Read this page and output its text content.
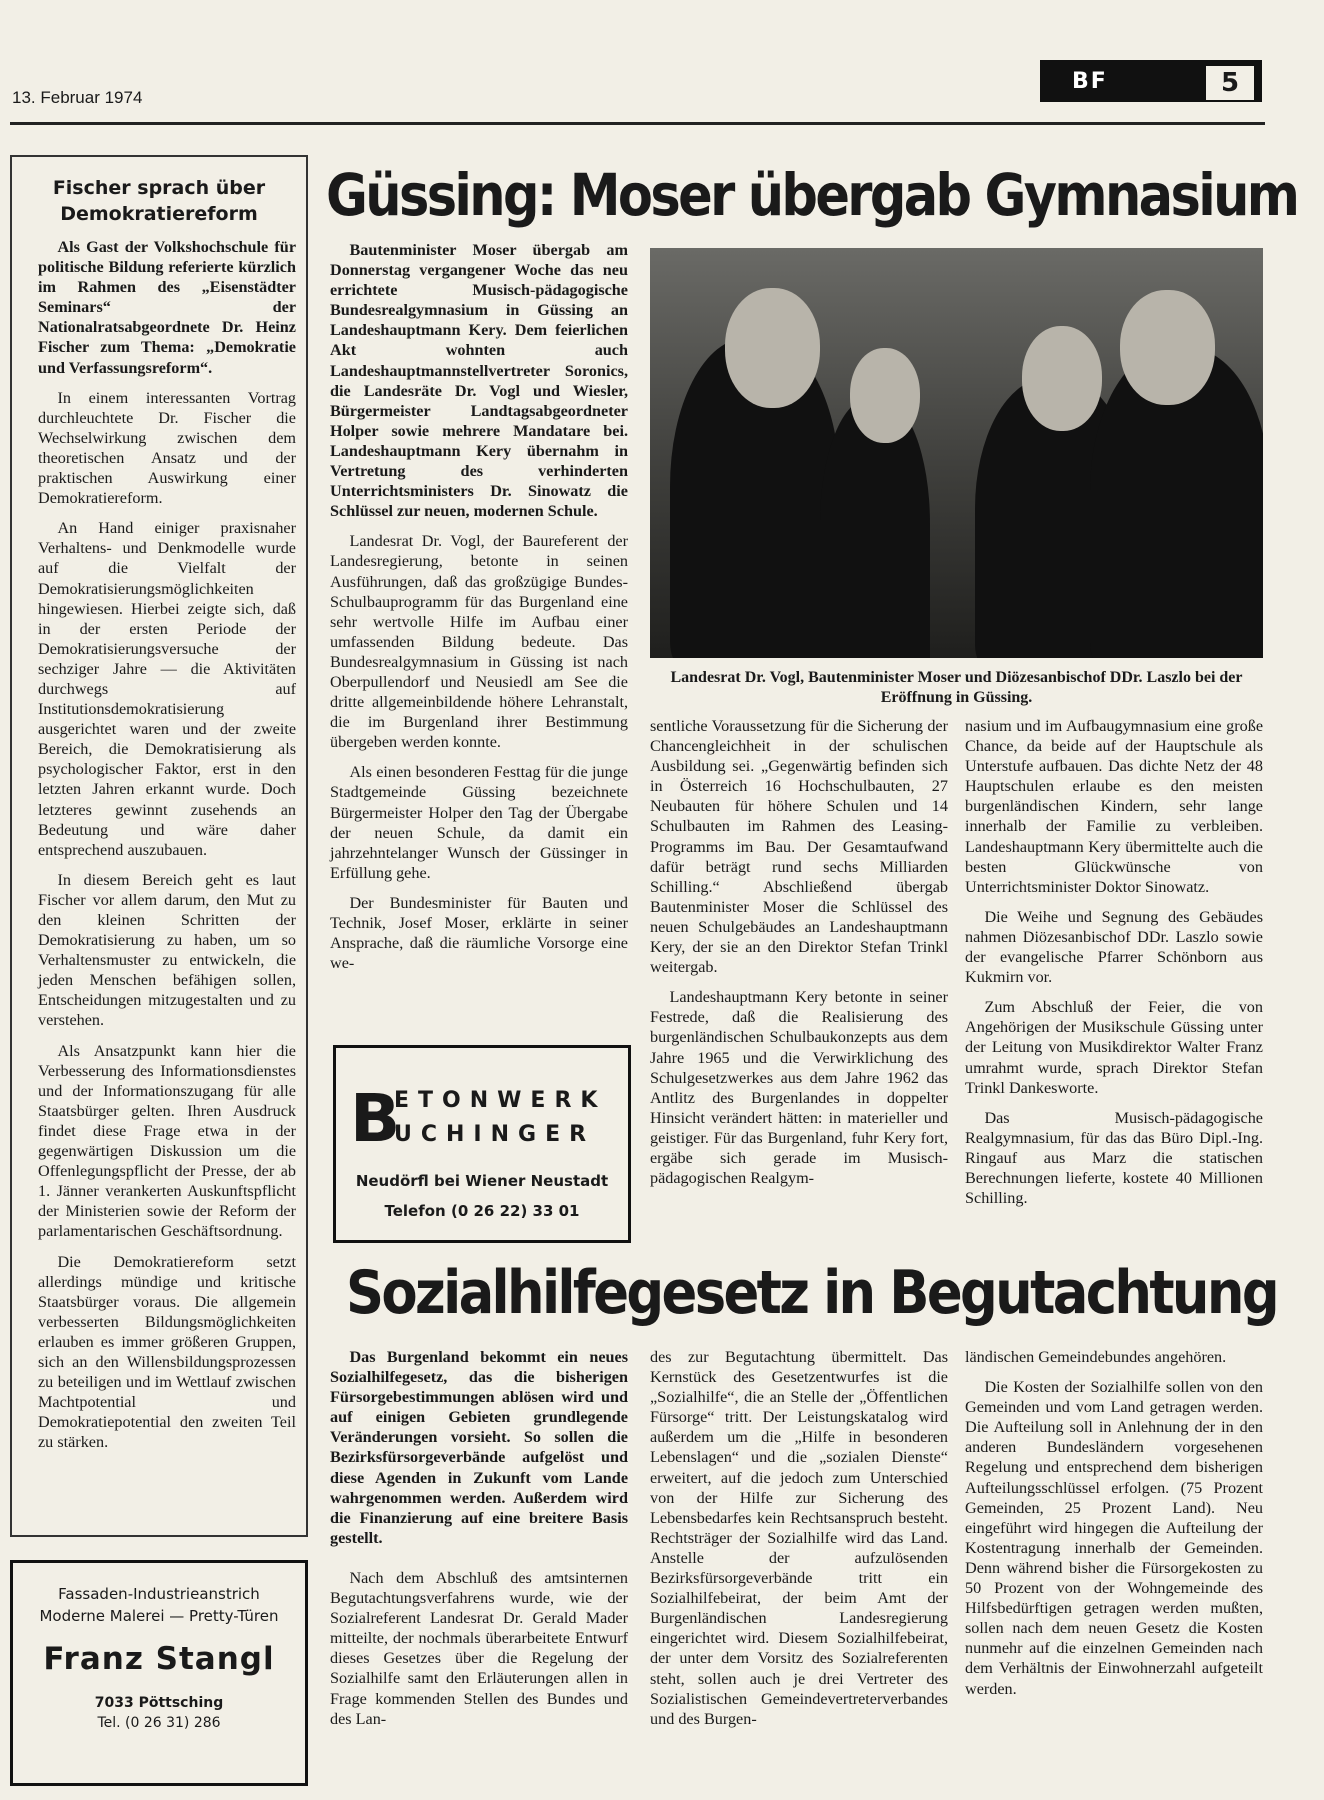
13. Februar 1974
BF	5
Fischer sprach über Demokratiereform

Als Gast der Volkshochschule für politische Bildung referierte kürzlich im Rahmen des „Eisenstädter Seminars“ der Nationalratsabgeordnete Dr. Heinz Fischer zum Thema: „Demokratie und Verfassungsreform“.

In einem interessanten Vortrag durchleuchtete Dr. Fischer die Wechselwirkung zwischen dem theoretischen Ansatz und der praktischen Auswirkung einer Demokratiereform.

An Hand einiger praxisnaher Verhaltens- und Denkmodelle wurde auf die Vielfalt der Demokratisierungsmöglichkeiten hingewiesen. Hierbei zeigte sich, daß in der ersten Periode der Demokratisierungsversuche der sechziger Jahre — die Aktivitäten durchwegs auf Institutionsdemokratisierung ausgerichtet waren und der zweite Bereich, die Demokratisierung als psychologischer Faktor, erst in den letzten Jahren erkannt wurde. Doch letzteres gewinnt zusehends an Bedeutung und wäre daher entsprechend auszubauen.

In diesem Bereich geht es laut Fischer vor allem darum, den Mut zu den kleinen Schritten der Demokratisierung zu haben, um so Verhaltensmuster zu entwickeln, die jeden Menschen befähigen sollen, Entscheidungen mitzugestalten und zu verstehen.

Als Ansatzpunkt kann hier die Verbesserung des Informationsdienstes und der Informationszugang für alle Staatsbürger gelten. Ihren Ausdruck findet diese Frage etwa in der gegenwärtigen Diskussion um die Offenlegungspflicht der Presse, der ab 1. Jänner verankerten Auskunftspflicht der Ministerien sowie der Reform der parlamentarischen Geschäftsordnung.

Die Demokratiereform setzt allerdings mündige und kritische Staatsbürger voraus. Die allgemein verbesserten Bildungsmöglichkeiten erlauben es immer größeren Gruppen, sich an den Willensbildungsprozessen zu beteiligen und im Wettlauf zwischen Machtpotential und Demokratiepotential den zweiten Teil zu stärken.

Güssing: Moser übergab Gymnasium

Bautenminister Moser übergab am Donnerstag vergangener Woche das neu errichtete Musisch-pädagogische Bundesrealgymnasium in Güssing an Landeshauptmann Kery. Dem feierlichen Akt wohnten auch Landeshauptmannstellvertreter Soronics, die Landesräte Dr. Vogl und Wiesler, Bürgermeister Landtagsabgeordneter Holper sowie mehrere Mandatare bei. Landeshauptmann Kery übernahm in Vertretung des verhinderten Unterrichtsministers Dr. Sinowatz die Schlüssel zur neuen, modernen Schule.

Landesrat Dr. Vogl, der Baureferent der Landesregierung, betonte in seinen Ausführungen, daß das großzügige Bundes-Schulbauprogramm für das Burgenland eine sehr wertvolle Hilfe im Aufbau einer umfassenden Bildung bedeute. Das Bundesrealgymnasium in Güssing ist nach Oberpullendorf und Neusiedl am See die dritte allgemeinbildende höhere Lehranstalt, die im Burgenland ihrer Bestimmung übergeben werden konnte.

Als einen besonderen Festtag für die junge Stadtgemeinde Güssing bezeichnete Bürgermeister Holper den Tag der Übergabe der neuen Schule, da damit ein jahrzehntelanger Wunsch der Güssinger in Erfüllung gehe.

Der Bundesminister für Bauten und Technik, Josef Moser, erklärte in seiner Ansprache, daß die räumliche Vorsorge eine we-

Landesrat Dr. Vogl, Bautenminister Moser und Diözesanbischof DDr. Laszlo bei der Eröffnung in Güssing.

sentliche Voraussetzung für die Sicherung der Chancengleichheit in der schulischen Ausbildung sei. „Gegenwärtig befinden sich in Österreich 16 Hochschulbauten, 27 Neubauten für höhere Schulen und 14 Schulbauten im Rahmen des Leasing-Programms im Bau. Der Gesamtaufwand dafür beträgt rund sechs Milliarden Schilling.“ Abschließend übergab Bautenminister Moser die Schlüssel des neuen Schulgebäudes an Landeshauptmann Kery, der sie an den Direktor Stefan Trinkl weitergab.

Landeshauptmann Kery betonte in seiner Festrede, daß die Realisierung des burgenländischen Schulbaukonzepts aus dem Jahre 1965 und die Verwirklichung des Schulgesetzwerkes aus dem Jahre 1962 das Antlitz des Burgenlandes in doppelter Hinsicht verändert hätten: in materieller und geistiger. Für das Burgenland, fuhr Kery fort, ergäbe sich gerade im Musisch-pädagogischen Realgym-

nasium und im Aufbaugymnasium eine große Chance, da beide auf der Hauptschule als Unterstufe aufbauen. Das dichte Netz der 48 Hauptschulen erlaube es den meisten burgenländischen Kindern, sehr lange innerhalb der Familie zu verbleiben. Landeshauptmann Kery übermittelte auch die besten Glückwünsche von Unterrichtsminister Doktor Sinowatz.

Die Weihe und Segnung des Gebäudes nahmen Diözesanbischof DDr. Laszlo sowie der evangelische Pfarrer Schönborn aus Kukmirn vor.

Zum Abschluß der Feier, die von Angehörigen der Musikschule Güssing unter der Leitung von Musikdirektor Walter Franz umrahmt wurde, sprach Direktor Stefan Trinkl Dankesworte.

Das Musisch-pädagogische Realgymnasium, für das das Büro Dipl.-Ing. Ringauf aus Marz die statischen Berechnungen lieferte, kostete 40 Millionen Schilling.

B
ETONWERK
UCHINGER
Neudörfl bei Wiener Neustadt
Telefon (0 26 22) 33 01
Fassaden-Industrieanstrich
Moderne Malerei — Pretty-Türen
Franz Stangl
7033 Pöttsching
Tel. (0 26 31) 286
Sozialhilfegesetz in Begutachtung

Das Burgenland bekommt ein neues Sozialhilfegesetz, das die bisherigen Fürsorgebestimmungen ablösen wird und auf einigen Gebieten grundlegende Veränderungen vorsieht. So sollen die Bezirksfürsorgeverbände aufgelöst und diese Agenden in Zukunft vom Lande wahrgenommen werden. Außerdem wird die Finanzierung auf eine breitere Basis gestellt.

Nach dem Abschluß des amtsinternen Begutachtungsverfahrens wurde, wie der Sozialreferent Landesrat Dr. Gerald Mader mitteilte, der nochmals überarbeitete Entwurf dieses Gesetzes über die Regelung der Sozialhilfe samt den Erläuterungen allen in Frage kommenden Stellen des Bundes und des Lan-

des zur Begutachtung übermittelt. Das Kernstück des Gesetzentwurfes ist die „Sozialhilfe“, die an Stelle der „Öffentlichen Fürsorge“ tritt. Der Leistungskatalog wird außerdem um die „Hilfe in besonderen Lebenslagen“ und die „sozialen Dienste“ erweitert, auf die jedoch zum Unterschied von der Hilfe zur Sicherung des Lebensbedarfes kein Rechtsanspruch besteht. Rechtsträger der Sozialhilfe wird das Land. Anstelle der aufzulösenden Bezirksfürsorgeverbände tritt ein Sozialhilfebeirat, der beim Amt der Burgenländischen Landesregierung eingerichtet wird. Diesem Sozialhilfebeirat, der unter dem Vorsitz des Sozialreferenten steht, sollen auch je drei Vertreter des Sozialistischen Gemeindevertreterverbandes und des Burgen-

ländischen Gemeindebundes angehören.

Die Kosten der Sozialhilfe sollen von den Gemeinden und vom Land getragen werden. Die Aufteilung soll in Anlehnung der in den anderen Bundesländern vorgesehenen Regelung und entsprechend dem bisherigen Aufteilungsschlüssel erfolgen. (75 Prozent Gemeinden, 25 Prozent Land). Neu eingeführt wird hingegen die Aufteilung der Kostentragung innerhalb der Gemeinden. Denn während bisher die Fürsorgekosten zu 50 Prozent von der Wohngemeinde des Hilfsbedürftigen getragen werden mußten, sollen nach dem neuen Gesetz die Kosten nunmehr auf die einzelnen Gemeinden nach dem Verhältnis der Einwohnerzahl aufgeteilt werden.
